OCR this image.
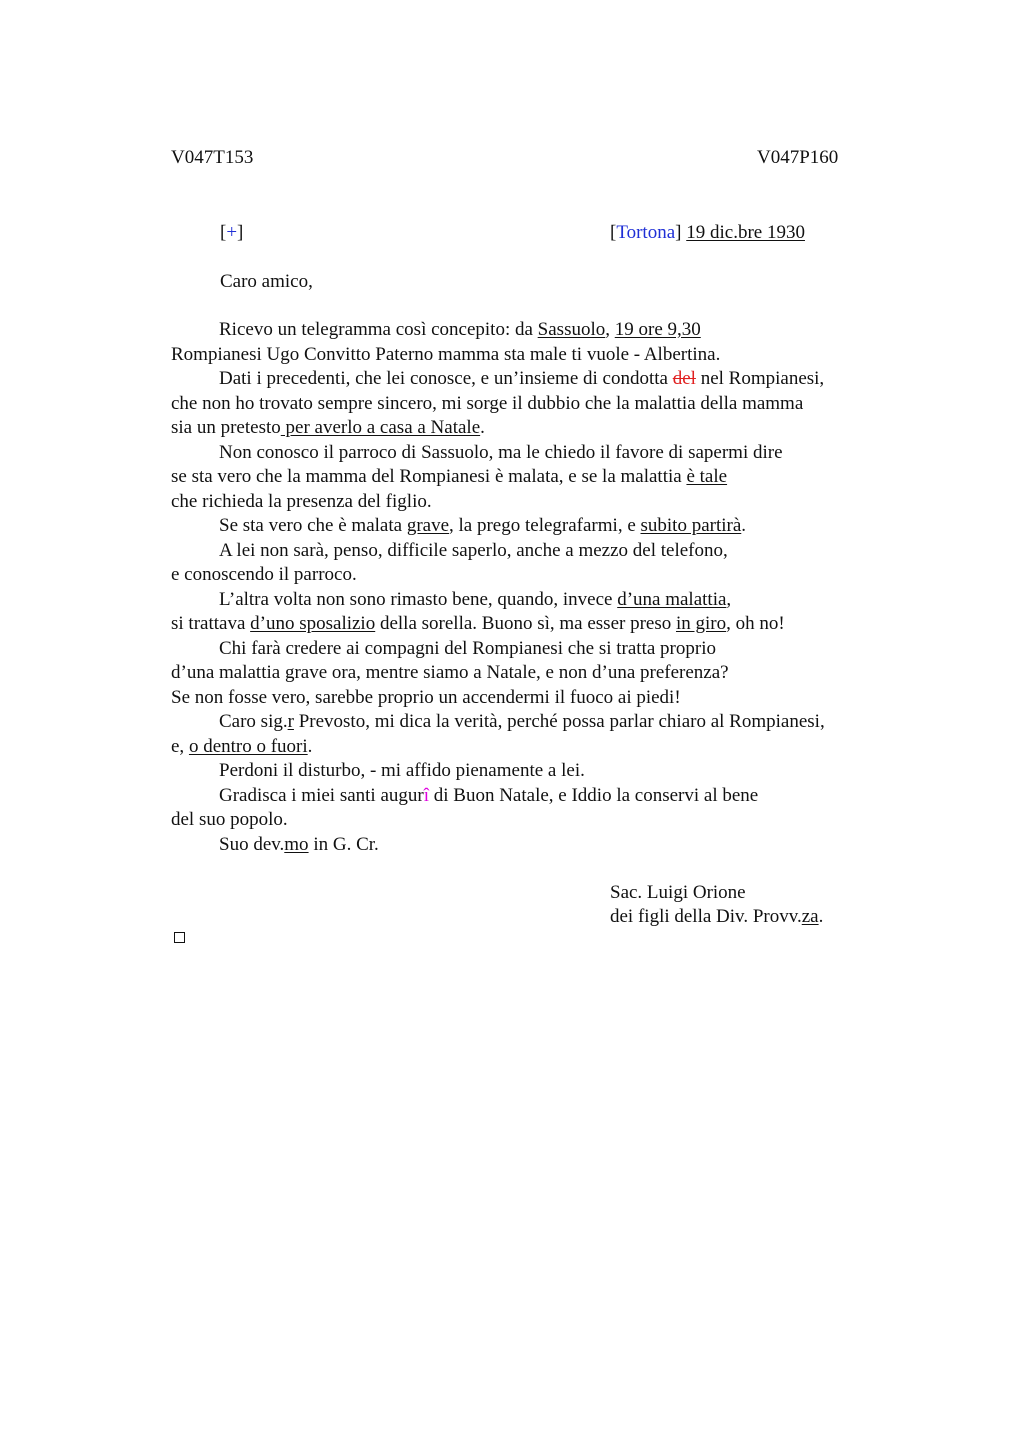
V047T153	V047P160
[+]	[Tortona] 19 dic.bre 1930
Caro amico,
Ricevo un telegramma così concepito: da Sassuolo, 19 ore 9,30
Rompianesi Ugo Convitto Paterno mamma sta male ti vuole - Albertina.
Dati i precedenti, che lei conosce, e un’insieme di condotta del nel Rompianesi,
che non ho trovato sempre sincero, mi sorge il dubbio che la malattia della mamma
sia un pretesto per averlo a casa a Natale.
Non conosco il parroco di Sassuolo, ma le chiedo il favore di sapermi dire
se sta vero che la mamma del Rompianesi è malata, e se la malattia è tale
che richieda la presenza del figlio.
Se sta vero che è malata grave, la prego telegrafarmi, e subito partirà.
A lei non sarà, penso, difficile saperlo, anche a mezzo del telefono,
e conoscendo il parroco.
L’altra volta non sono rimasto bene, quando, invece d’una malattia,
si trattava d’uno sposalizio della sorella. Buono sì, ma esser preso in giro, oh no!
Chi farà credere ai compagni del Rompianesi che si tratta proprio
d’una malattia grave ora, mentre siamo a Natale, e non d’una preferenza?
Se non fosse vero, sarebbe proprio un accendermi il fuoco ai piedi!
Caro sig.r Prevosto, mi dica la verità, perché possa parlar chiaro al Rompianesi,
e, o dentro o fuori.
Perdoni il disturbo, - mi affido pienamente a lei.
Gradisca i miei santi augurî di Buon Natale, e Iddio la conservi al bene
del suo popolo.
Suo dev.mo in G. Cr.
Sac. Luigi Orione
dei figli della Div. Provv.za.
